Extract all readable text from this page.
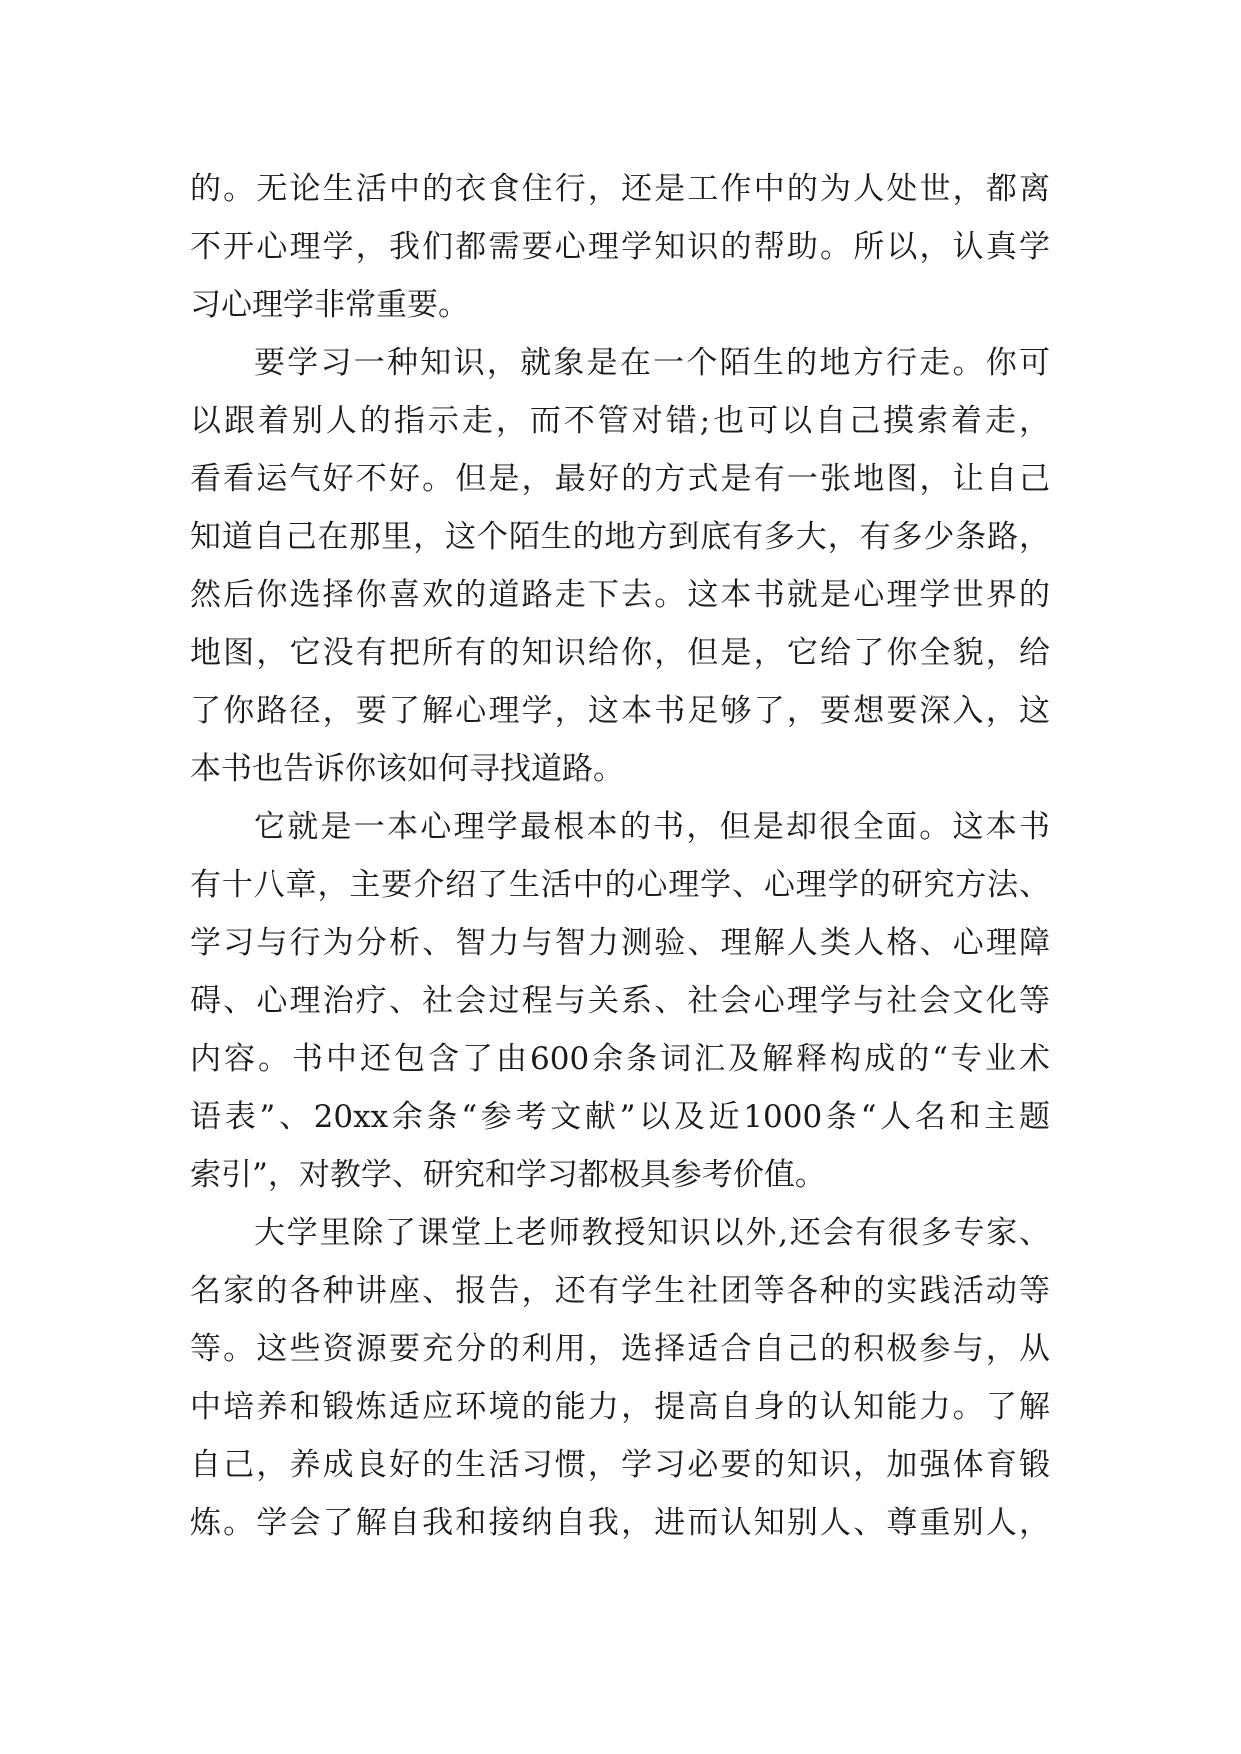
的。无论生活中的衣食住行，还是工作中的为人处世，都离
不开心理学，我们都需要心理学知识的帮助。所以，认真学
习心理学非常重要。
要学习一种知识，就象是在一个陌生的地方行走。你可
以跟着别人的指示走，而不管对错;也可以自己摸索着走，
看看运气好不好。但是，最好的方式是有一张地图，让自己
知道自己在那里，这个陌生的地方到底有多大，有多少条路，
然后你选择你喜欢的道路走下去。这本书就是心理学世界的
地图，它没有把所有的知识给你，但是，它给了你全貌，给
了你路径，要了解心理学，这本书足够了，要想要深入，这
本书也告诉你该如何寻找道路。
它就是一本心理学最根本的书，但是却很全面。这本书
有十八章，主要介绍了生活中的心理学、心理学的研究方法、
学习与行为分析、智力与智力测验、理解人类人格、心理障
碍、心理治疗、社会过程与关系、社会心理学与社会文化等
内容。书中还包含了由600余条词汇及解释构成的“专业术
语表”、20xx余条“参考文献”以及近1000条“人名和主题
索引”，对教学、研究和学习都极具参考价值。
大学里除了课堂上老师教授知识以外,还会有很多专家、
名家的各种讲座、报告，还有学生社团等各种的实践活动等
等。这些资源要充分的利用，选择适合自己的积极参与，从
中培养和锻炼适应环境的能力，提高自身的认知能力。了解
自己，养成良好的生活习惯，学习必要的知识，加强体育锻
炼。学会了解自我和接纳自我，进而认知别人、尊重别人，
